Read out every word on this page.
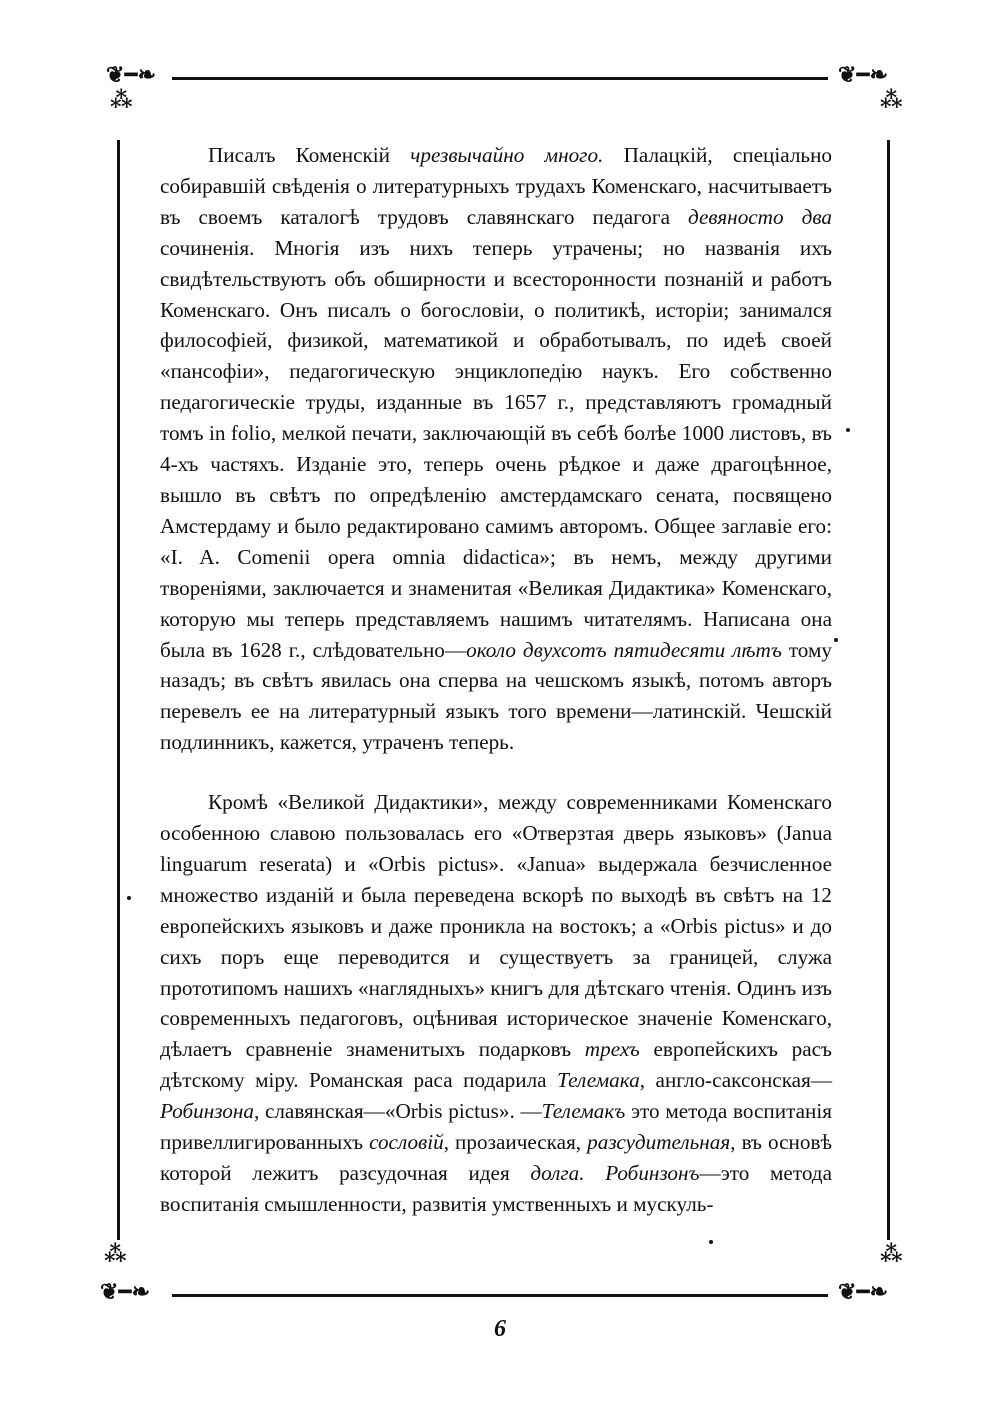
❦━❧	❦━❧
❦━❧	❦━❧
⁂	⁂
⁂	⁂

Писалъ Коменскій чрезвычайно много. Палацкій, спеціально собиравшій свѣденія о литературныхъ трудахъ Коменскаго, насчитываетъ въ своемъ каталогѣ трудовъ славянскаго педагога девяносто два сочиненія. Многія изъ нихъ теперь утрачены; но названія ихъ свидѣтельствуютъ объ обширности и всесторонности познаній и работъ Коменскаго. Онъ писалъ о богословіи, о политикѣ, исторіи; занимался философіей, физикой, математикой и обработывалъ, по идеѣ своей «пансофіи», педагогическую энциклопедію наукъ. Его собственно педагогическіе труды, изданные въ 1657 г., представляютъ громадный томъ in folio, мелкой печати, заключающій въ себѣ болѣе 1000 листовъ, въ 4-хъ частяхъ. Изданіе это, теперь очень рѣдкое и даже драгоцѣнное, вышло въ свѣтъ по опредѣленію амстердамскаго сената, посвящено Амстердаму и было редактировано самимъ авторомъ. Общее заглавіе его: «I. A. Comenii opera omnia didactica»; въ немъ, между другими твореніями, заключается и знаменитая «Великая Дидактика» Коменскаго, которую мы теперь представляемъ нашимъ читателямъ. Написана она была въ 1628 г., слѣдовательно—около двухсотъ пятидесяти лѣтъ тому назадъ; въ свѣтъ явилась она сперва на чешскомъ языкѣ, потомъ авторъ перевелъ ее на литературный языкъ того времени—латинскій. Чешскій подлинникъ, кажется, утраченъ теперь.

Кромѣ «Великой Дидактики», между современниками Коменскаго особенною славою пользовалась его «Отверзтая дверь языковъ» (Janua linguarum reserata) и «Orbis pictus». «Janua» выдержала безчисленное множество изданій и была переведена вскорѣ по выходѣ въ свѣтъ на 12 европейскихъ языковъ и даже проникла на востокъ; а «Orbis pictus» и до сихъ поръ еще переводится и существуетъ за границей, служа прототипомъ нашихъ «наглядныхъ» книгъ для дѣтскаго чтенія. Одинъ изъ современныхъ педагоговъ, оцѣнивая историческое значеніе Коменскаго, дѣлаетъ сравненіе знаменитыхъ подарковъ трехъ европейскихъ расъ дѣтскому міру. Романская раса подарила Телемака, англо-саксонская—Робинзона, славянская—«Orbis pictus». —Телемакъ это метода воспитанія привеллигированныхъ сословій, прозаическая, разсудительная, въ основѣ которой лежитъ разсудочная идея долга. Робинзонъ—это метода воспитанія смышленности, развитія умственныхъ и мускуль-

6
